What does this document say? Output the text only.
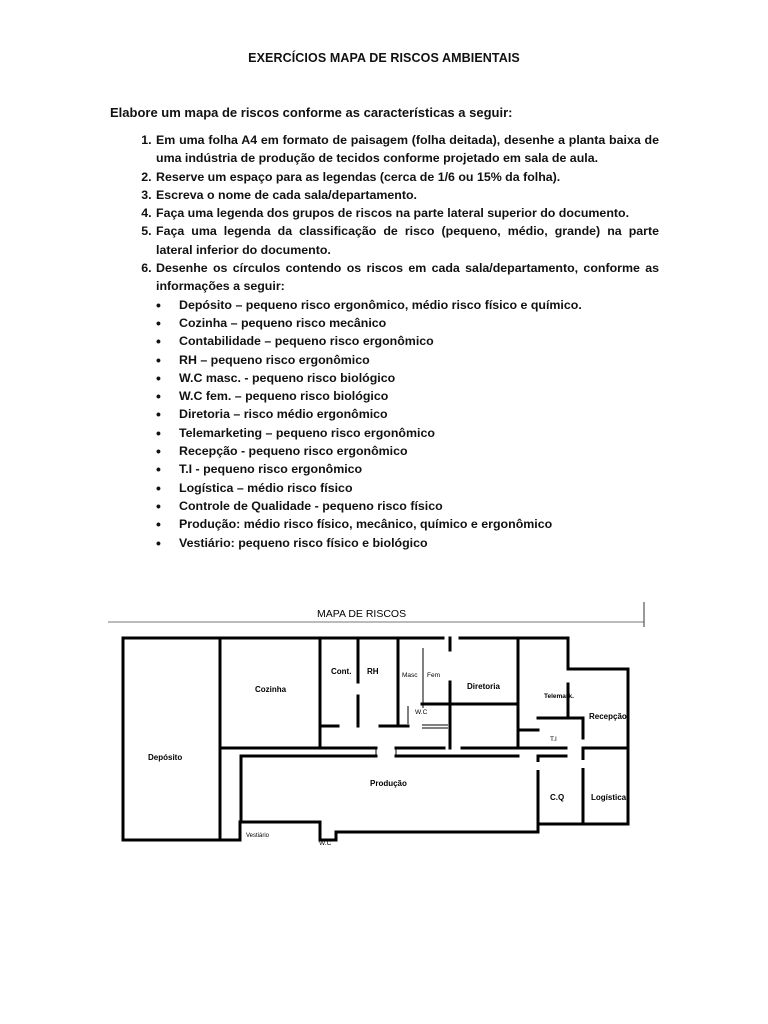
EXERCÍCIOS MAPA DE RISCOS AMBIENTAIS
Elabore um mapa de riscos conforme as características a seguir:
1. Em uma folha A4 em formato de paisagem (folha deitada), desenhe a planta baixa de uma indústria de produção de tecidos conforme projetado em sala de aula.
2. Reserve um espaço para as legendas (cerca de 1/6 ou 15% da folha).
3. Escreva o nome de cada sala/departamento.
4. Faça uma legenda dos grupos de riscos na parte lateral superior do documento.
5. Faça uma legenda da classificação de risco (pequeno, médio, grande) na parte lateral inferior do documento.
6. Desenhe os círculos contendo os riscos em cada sala/departamento, conforme as informações a seguir:
• Depósito – pequeno risco ergonômico, médio risco físico e químico.
• Cozinha – pequeno risco mecânico
• Contabilidade – pequeno risco ergonômico
• RH – pequeno risco ergonômico
• W.C masc. - pequeno risco biológico
• W.C fem. – pequeno risco biológico
• Diretoria – risco médio ergonômico
• Telemarketing – pequeno risco ergonômico
• Recepção - pequeno risco ergonômico
• T.I - pequeno risco ergonômico
• Logística – médio risco físico
• Controle de Qualidade - pequeno risco físico
• Produção: médio risco físico, mecânico, químico e ergonômico
• Vestiário: pequeno risco físico e biológico
MAPA DE RISCOS
Depósito
Cozinha
Cont. RH	Masc Fem
W.C
Diretoria
Telemark.
Recepção
T.I
Produção
C.Q	Logística
Vestiário
W.C
